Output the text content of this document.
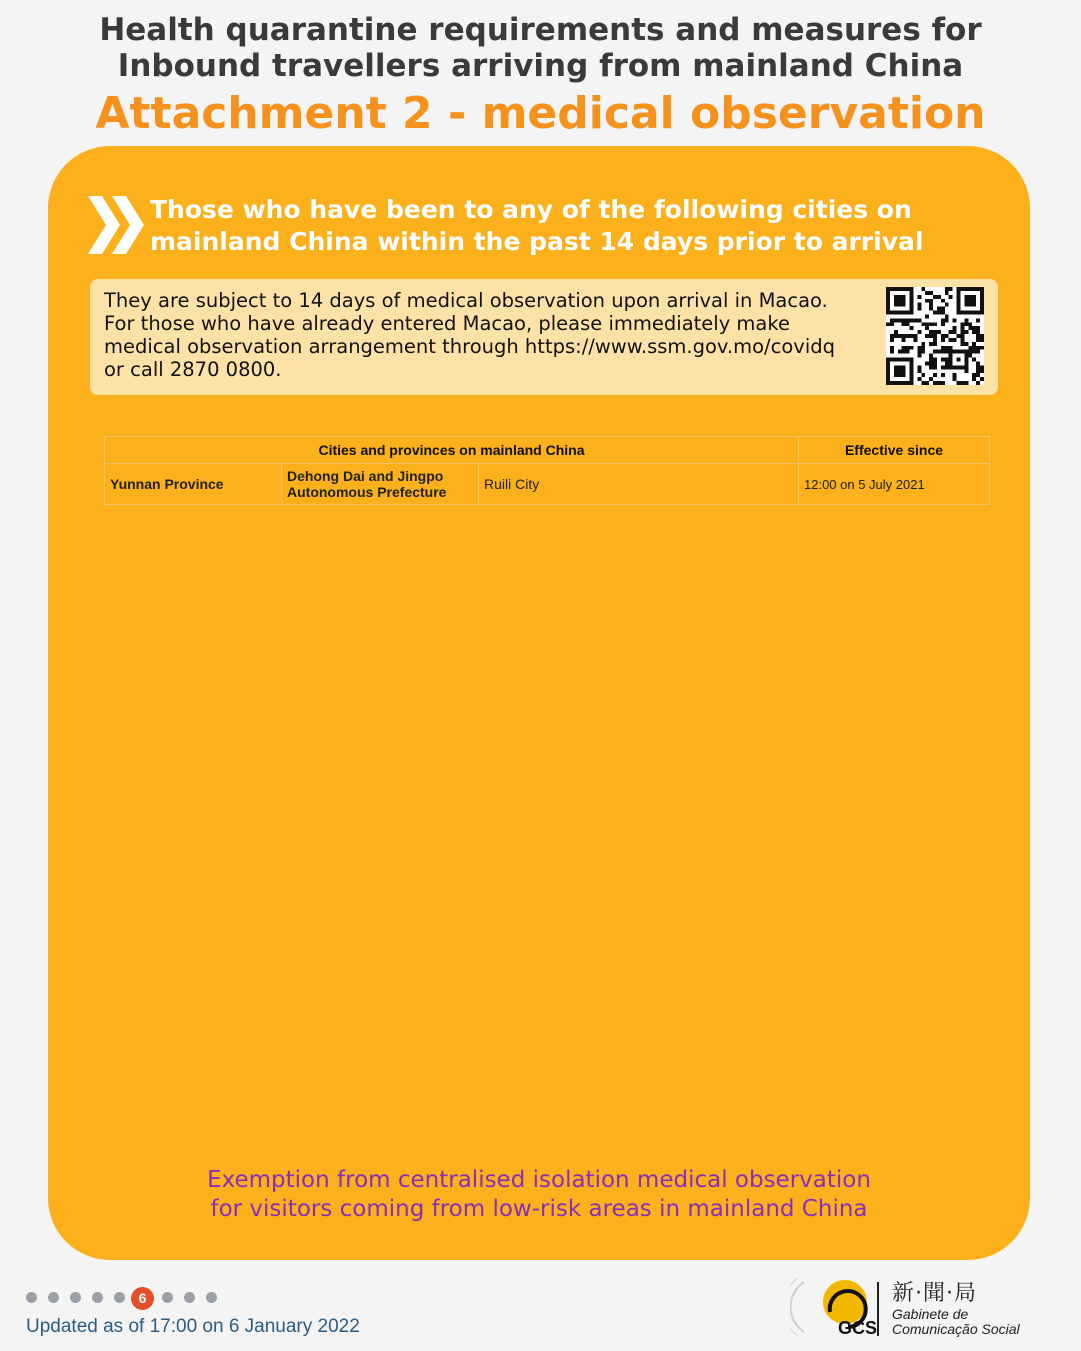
Health quarantine requirements and measures for
Inbound travellers arriving from mainland China
Attachment 2 - medical observation
Those who have been to any of the following cities on
mainland China within the past 14 days prior to arrival
They are subject to 14 days of medical observation upon arrival in Macao.
For those who have already entered Macao, please immediately make
medical observation arrangement through https://www.ssm.gov.mo/covidq
or call 2870 0800.
Cities and provinces on mainland China			Effective since
Yunnan Province	Dehong Dai and Jingpo
Autonomous Prefecture	Ruili City	12:00 on 5 July 2021
Exemption from centralised isolation medical observation
for visitors coming from low-risk areas in mainland China
6
Updated as of 17:00 on 6 January 2022	GCS
新·聞·局
Gabinete de
Comunicação Social
